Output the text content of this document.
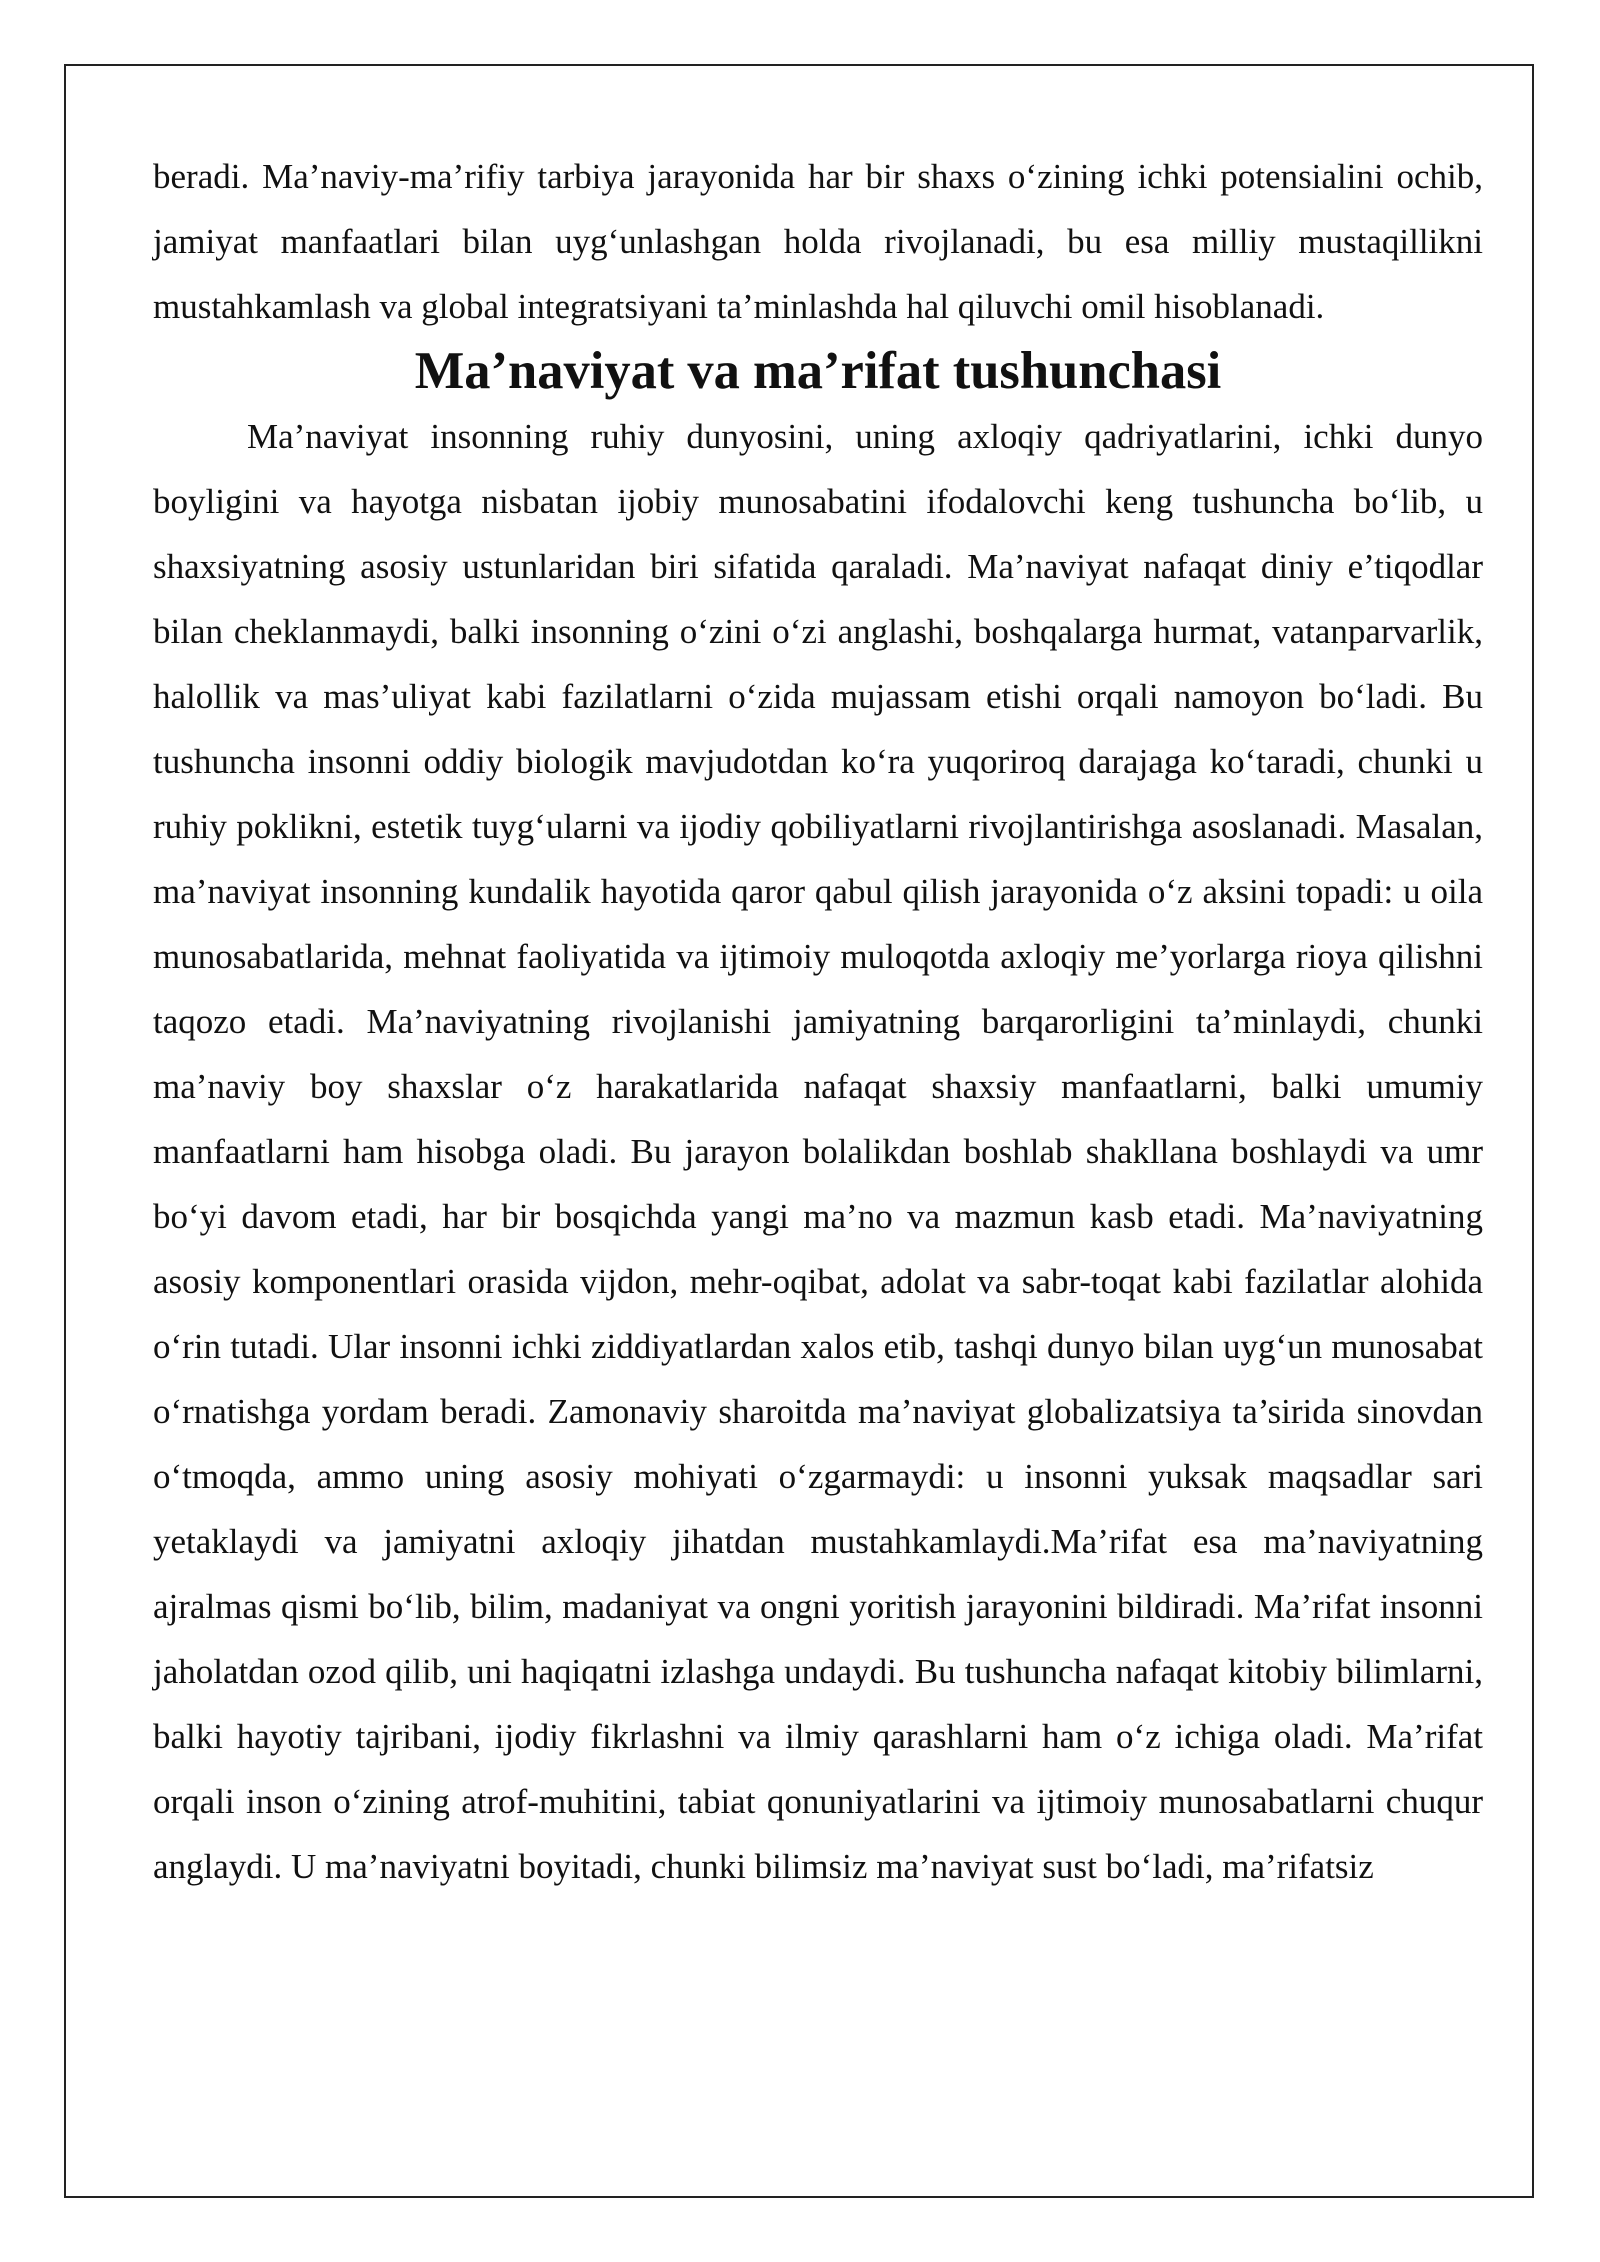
beradi. Ma’naviy-ma’rifiy tarbiya jarayonida har bir shaxs o‘zining ichki potensialini ochib, jamiyat manfaatlari bilan uyg‘unlashgan holda rivojlanadi, bu esa milliy mustaqillikni mustahkamlash va global integratsiyani ta’minlashda hal qiluvchi omil hisoblanadi.

Ma’naviyat va ma’rifat tushunchasi

Ma’naviyat insonning ruhiy dunyosini, uning axloqiy qadriyatlarini, ichki dunyo boyligini va hayotga nisbatan ijobiy munosabatini ifodalovchi keng tushuncha bo‘lib, u shaxsiyatning asosiy ustunlaridan biri sifatida qaraladi. Ma’naviyat nafaqat diniy e’tiqodlar bilan cheklanmaydi, balki insonning o‘zini o‘zi anglashi, boshqalarga hurmat, vatanparvarlik, halollik va mas’uliyat kabi fazilatlarni o‘zida mujassam etishi orqali namoyon bo‘ladi. Bu tushuncha insonni oddiy biologik mavjudotdan ko‘ra yuqoriroq darajaga ko‘taradi, chunki u ruhiy poklikni, estetik tuyg‘ularni va ijodiy qobiliyatlarni rivojlantirishga asoslanadi. Masalan, ma’naviyat insonning kundalik hayotida qaror qabul qilish jarayonida o‘z aksini topadi: u oila munosabatlarida, mehnat faoliyatida va ijtimoiy muloqotda axloqiy me’yorlarga rioya qilishni taqozo etadi. Ma’naviyatning rivojlanishi jamiyatning barqarorligini ta’minlaydi, chunki ma’naviy boy shaxslar o‘z harakatlarida nafaqat shaxsiy manfaatlarni, balki umumiy manfaatlarni ham hisobga oladi. Bu jarayon bolalikdan boshlab shakllana boshlaydi va umr bo‘yi davom etadi, har bir bosqichda yangi ma’no va mazmun kasb etadi. Ma’naviyatning asosiy komponentlari orasida vijdon, mehr-oqibat, adolat va sabr-toqat kabi fazilatlar alohida o‘rin tutadi. Ular insonni ichki ziddiyatlardan xalos etib, tashqi dunyo bilan uyg‘un munosabat o‘rnatishga yordam beradi. Zamonaviy sharoitda ma’naviyat globalizatsiya ta’sirida sinovdan o‘tmoqda, ammo uning asosiy mohiyati o‘zgarmaydi: u insonni yuksak maqsadlar sari yetaklaydi va jamiyatni axloqiy jihatdan mustahkamlaydi.Ma’rifat esa ma’naviyatning ajralmas qismi bo‘lib, bilim, madaniyat va ongni yoritish jarayonini bildiradi. Ma’rifat insonni jaholatdan ozod qilib, uni haqiqatni izlashga undaydi. Bu tushuncha nafaqat kitobiy bilimlarni, balki hayotiy tajribani, ijodiy fikrlashni va ilmiy qarashlarni ham o‘z ichiga oladi. Ma’rifat orqali inson o‘zining atrof-muhitini, tabiat qonuniyatlarini va ijtimoiy munosabatlarni chuqur anglaydi. U ma’naviyatni boyitadi, chunki bilimsiz ma’naviyat sust bo‘ladi, ma’rifatsiz
